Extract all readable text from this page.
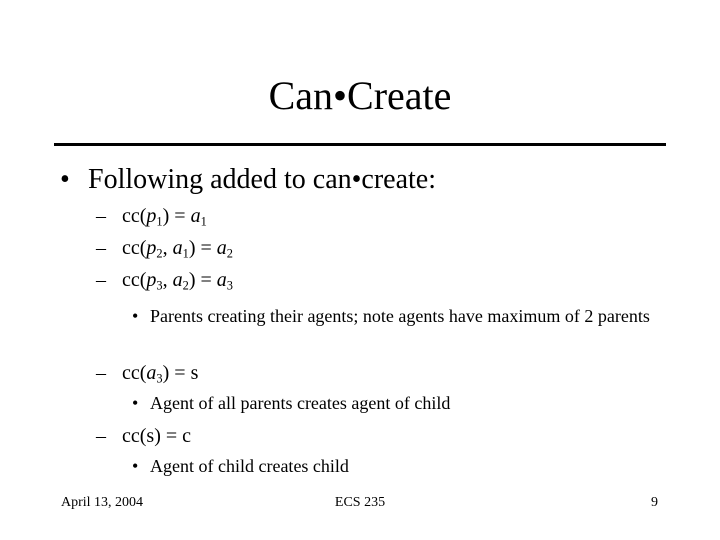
Can•Create
• Following added to can•create:
– $cc(p_1) = a_1$
– $cc(p_2$, $a_1) = a_2$
– $cc(p_3$, $a_2) = a_3$
• Parents creating their agents; note agents have maximum of 2 parents
– $cc(a_3) = s$
• Agent of all parents creates agent of child
– cc(s) = c
• Agent of child creates child
April 13, 2004	ECS 235	9
